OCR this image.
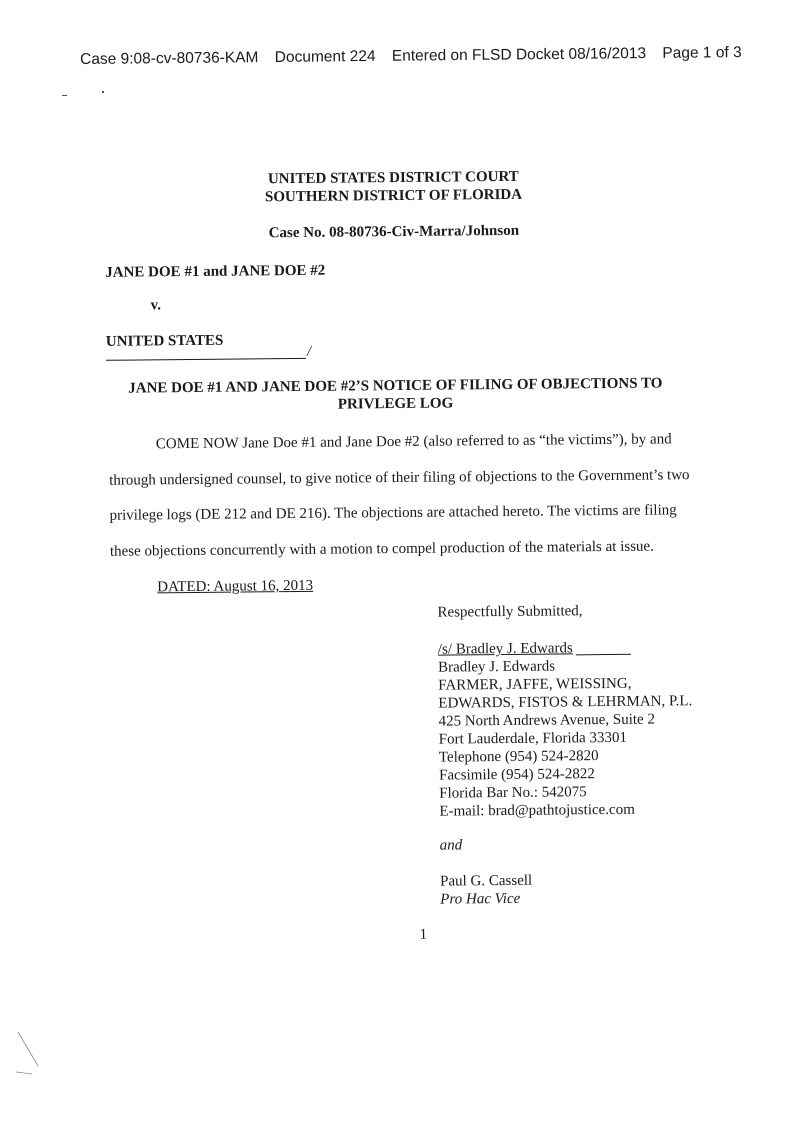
Case 9:08-cv-80736-KAM Document 224 Entered on FLSD Docket 08/16/2013 Page 1 of 3
UNITED STATES DISTRICT COURT
SOUTHERN DISTRICT OF FLORIDA
Case No. 08-80736-Civ-Marra/Johnson
JANE DOE #1 and JANE DOE #2
v.
UNITED STATES
/
JANE DOE #1 AND JANE DOE #2’S NOTICE OF FILING OF OBJECTIONS TO
PRIVLEGE LOG
COME NOW Jane Doe #1 and Jane Doe #2 (also referred to as “the victims”), by and
through undersigned counsel, to give notice of their filing of objections to the Government’s two
privilege logs (DE 212 and DE 216). The objections are attached hereto. The victims are filing
these objections concurrently with a motion to compel production of the materials at issue.
DATED: August 16, 2013
Respectfully Submitted,
/s/ Bradley J. Edwards
Bradley J. Edwards
FARMER, JAFFE, WEISSING,
EDWARDS, FISTOS & LEHRMAN, P.L.
425 North Andrews Avenue, Suite 2
Fort Lauderdale, Florida 33301
Telephone (954) 524-2820
Facsimile (954) 524-2822
Florida Bar No.: 542075
E-mail: brad@pathtojustice.com
and
Paul G. Cassell
Pro Hac Vice
1
